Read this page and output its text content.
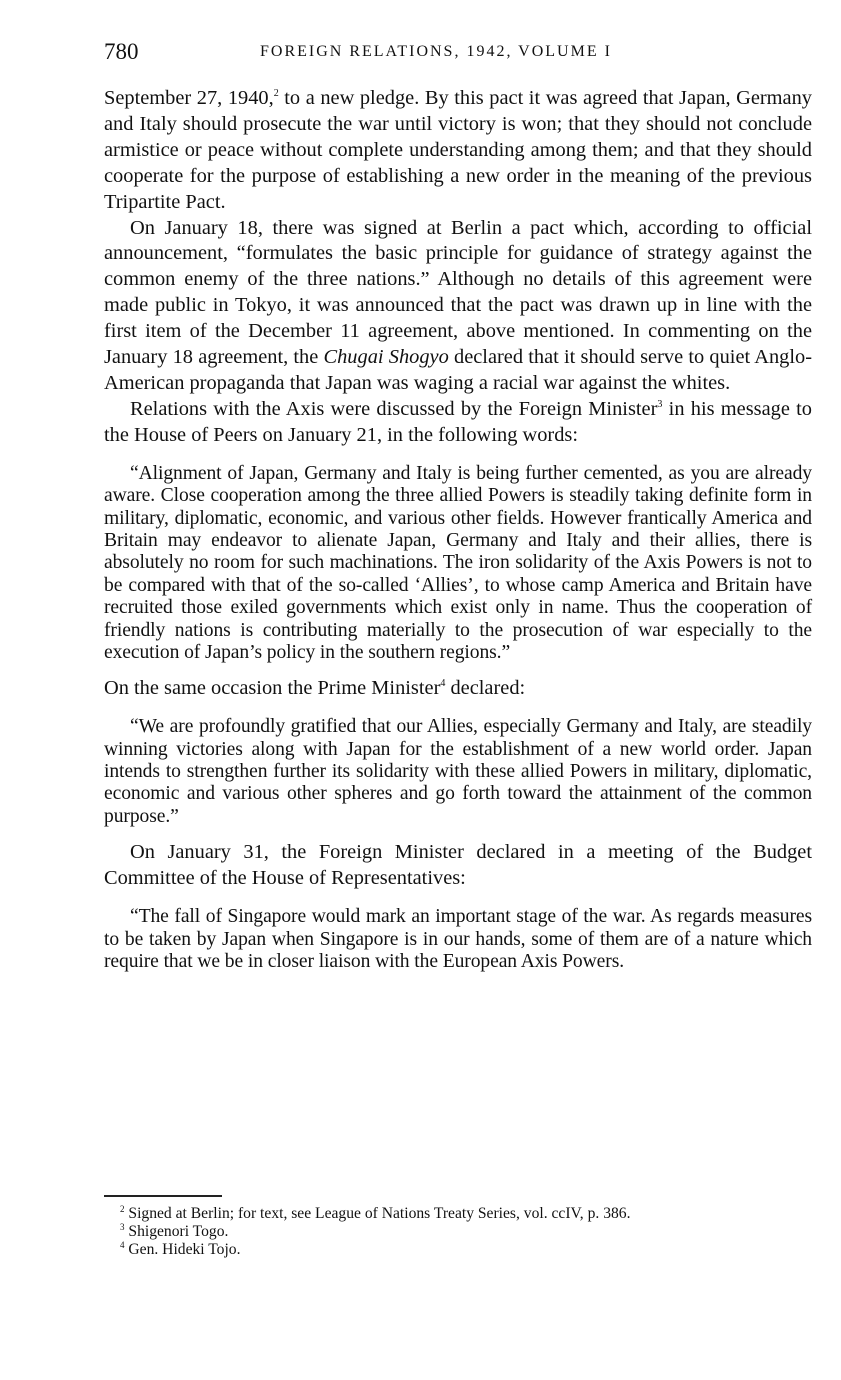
780	FOREIGN RELATIONS, 1942, VOLUME I

September 27, 1940,$^2$ to a new pledge. By this pact it was agreed that Japan, Germany and Italy should prosecute the war until victory is won; that they should not conclude armistice or peace without complete understanding among them; and that they should cooperate for the purpose of establishing a new order in the meaning of the previous Tripartite Pact.

On January 18, there was signed at Berlin a pact which, according to official announcement, “formulates the basic principle for guidance of strategy against the common enemy of the three nations.” Although no details of this agreement were made public in Tokyo, it was announced that the pact was drawn up in line with the first item of the December 11 agreement, above mentioned. In commenting on the January 18 agreement, the Chugai Shogyo declared that it should serve to quiet Anglo-American propaganda that Japan was waging a racial war against the whites.

Relations with the Axis were discussed by the Foreign Minister$^3$ in his message to the House of Peers on January 21, in the following words:

“Alignment of Japan, Germany and Italy is being further cemented, as you are already aware. Close cooperation among the three allied Powers is steadily taking definite form in military, diplomatic, economic, and various other fields. However frantically America and Britain may endeavor to alienate Japan, Germany and Italy and their allies, there is absolutely no room for such machinations. The iron solidarity of the Axis Powers is not to be compared with that of the so-called ‘Allies’, to whose camp America and Britain have recruited those exiled governments which exist only in name. Thus the cooperation of friendly nations is contributing materially to the prosecution of war especially to the execution of Japan’s policy in the southern regions.”

On the same occasion the Prime Minister$^4$ declared:

“We are profoundly gratified that our Allies, especially Germany and Italy, are steadily winning victories along with Japan for the establishment of a new world order. Japan intends to strengthen further its solidarity with these allied Powers in military, diplomatic, economic and various other spheres and go forth toward the attainment of the common purpose.”

On January 31, the Foreign Minister declared in a meeting of the Budget Committee of the House of Representatives:

“The fall of Singapore would mark an important stage of the war. As regards measures to be taken by Japan when Singapore is in our hands, some of them are of a nature which require that we be in closer liaison with the European Axis Powers.

$^2$ Signed at Berlin; for text, see League of Nations Treaty Series, vol. ccIV, p. 386.

$^3$ Shigenori Togo.

$^4$ Gen. Hideki Tojo.
